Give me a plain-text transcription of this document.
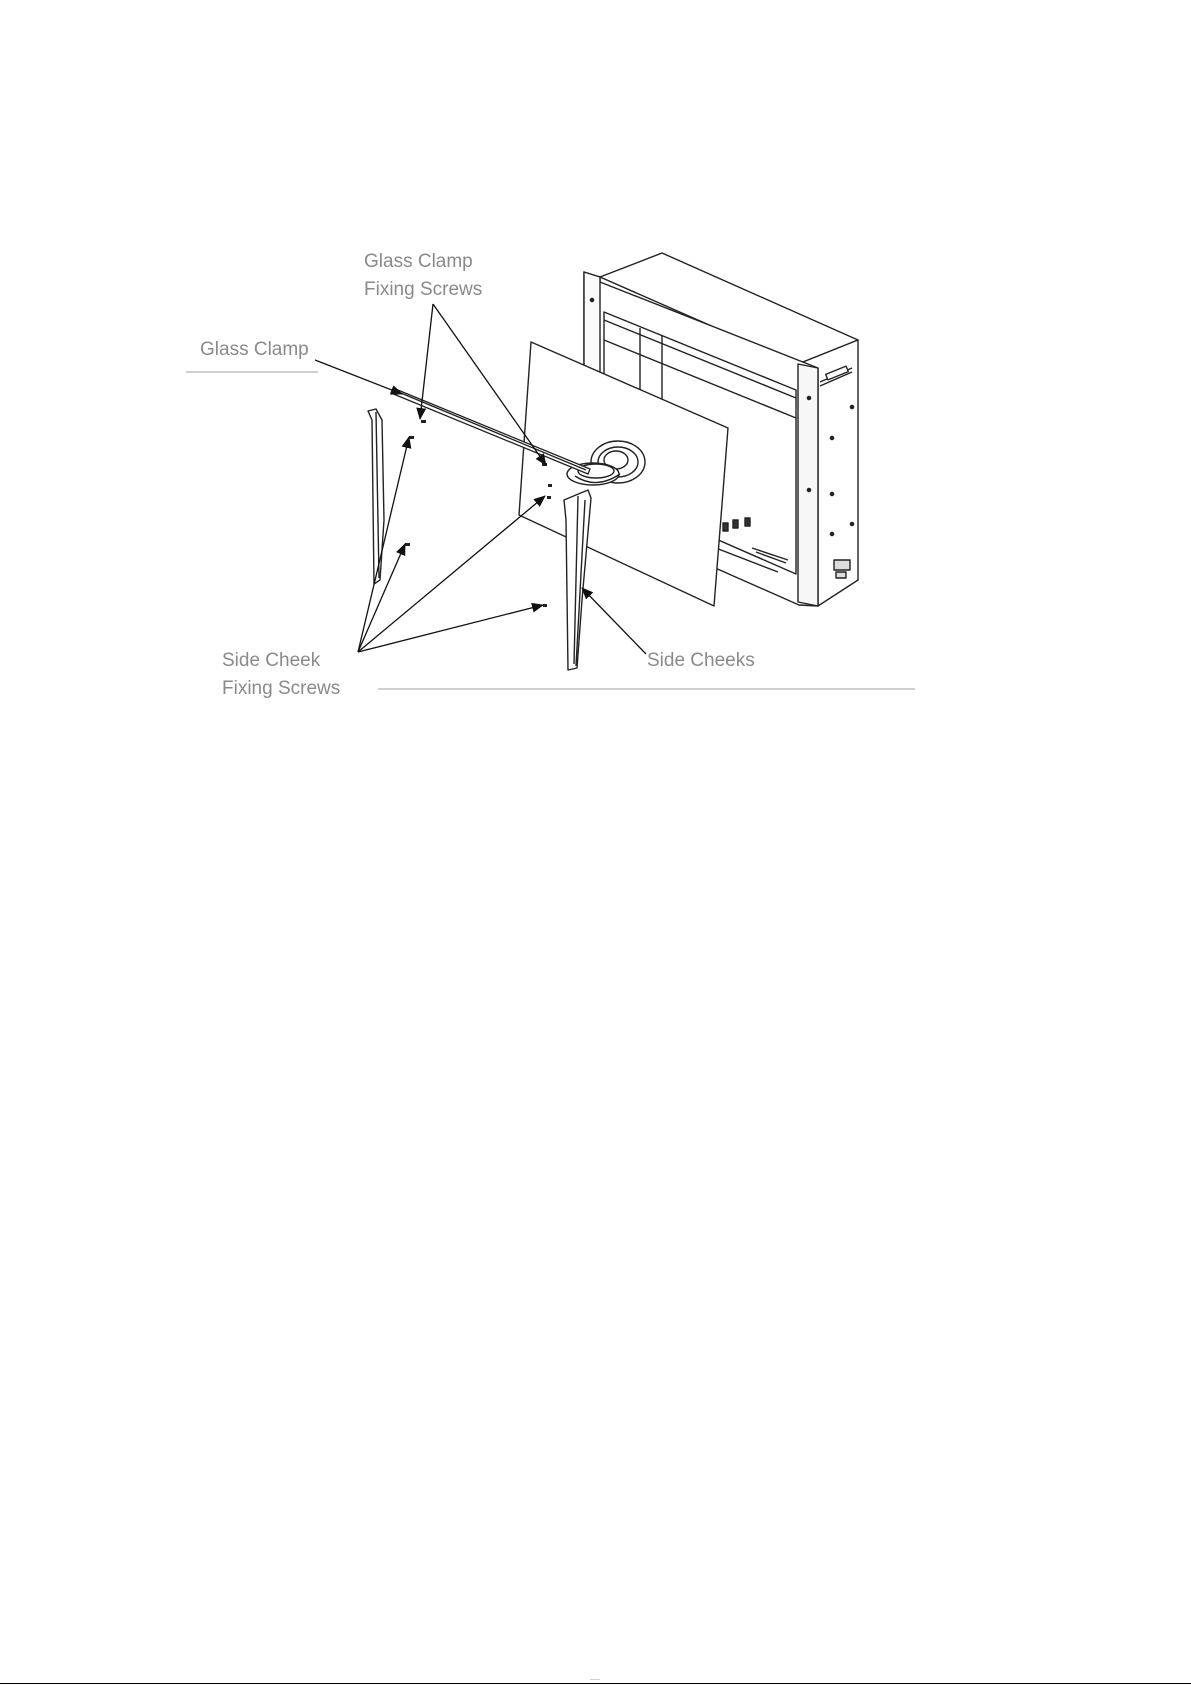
Glass Clamp
Fixing Screws
Glass Clamp
Side Cheek
Fixing Screws
Side Cheeks
